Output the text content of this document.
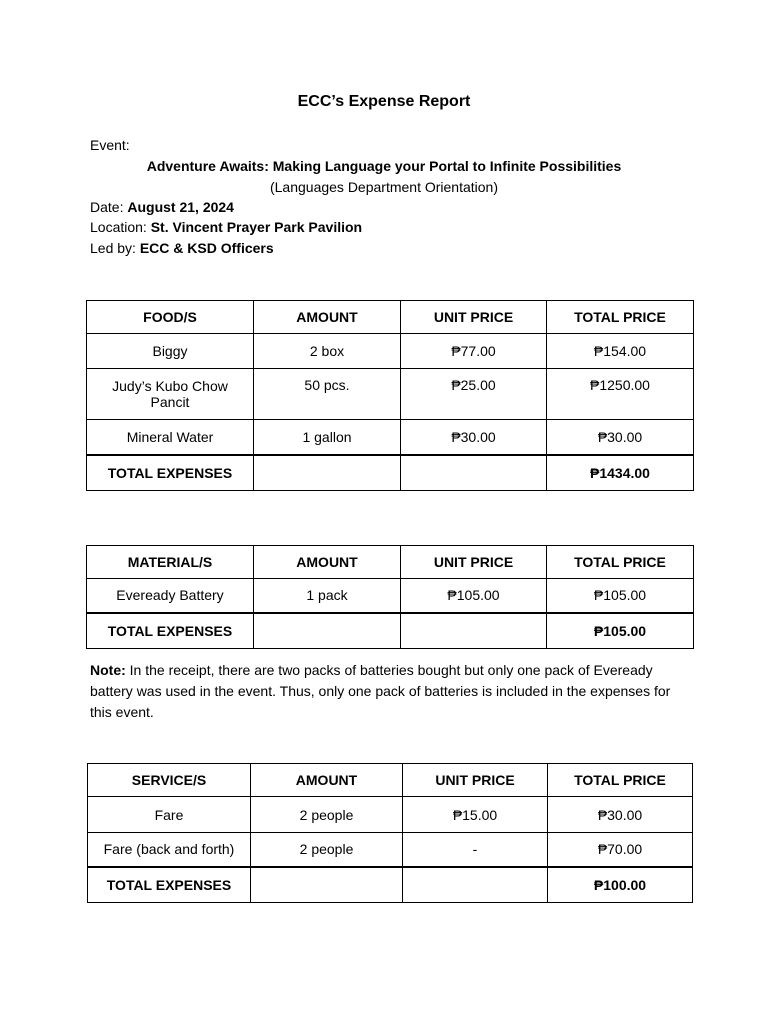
ECC’s Expense Report
Event:
Adventure Awaits: Making Language your Portal to Infinite Possibilities
(Languages Department Orientation)
Date: August 21, 2024
Location: St. Vincent Prayer Park Pavilion
Led by: ECC & KSD Officers
FOOD/S	AMOUNT	UNIT PRICE	TOTAL PRICE
Biggy	2 box	₱77.00	₱154.00
Judy’s Kubo Chow Pancit	50 pcs.	₱25.00	₱1250.00
Mineral Water	1 gallon	₱30.00	₱30.00
TOTAL EXPENSES			₱1434.00
MATERIAL/S	AMOUNT	UNIT PRICE	TOTAL PRICE
Eveready Battery	1 pack	₱105.00	₱105.00
TOTAL EXPENSES			₱105.00
Note: In the receipt, there are two packs of batteries bought but only one pack of Eveready battery was used in the event. Thus, only one pack of batteries is included in the expenses for this event.
SERVICE/S	AMOUNT	UNIT PRICE	TOTAL PRICE
Fare	2 people	₱15.00	₱30.00
Fare (back and forth)	2 people	-	₱70.00
TOTAL EXPENSES			₱100.00
